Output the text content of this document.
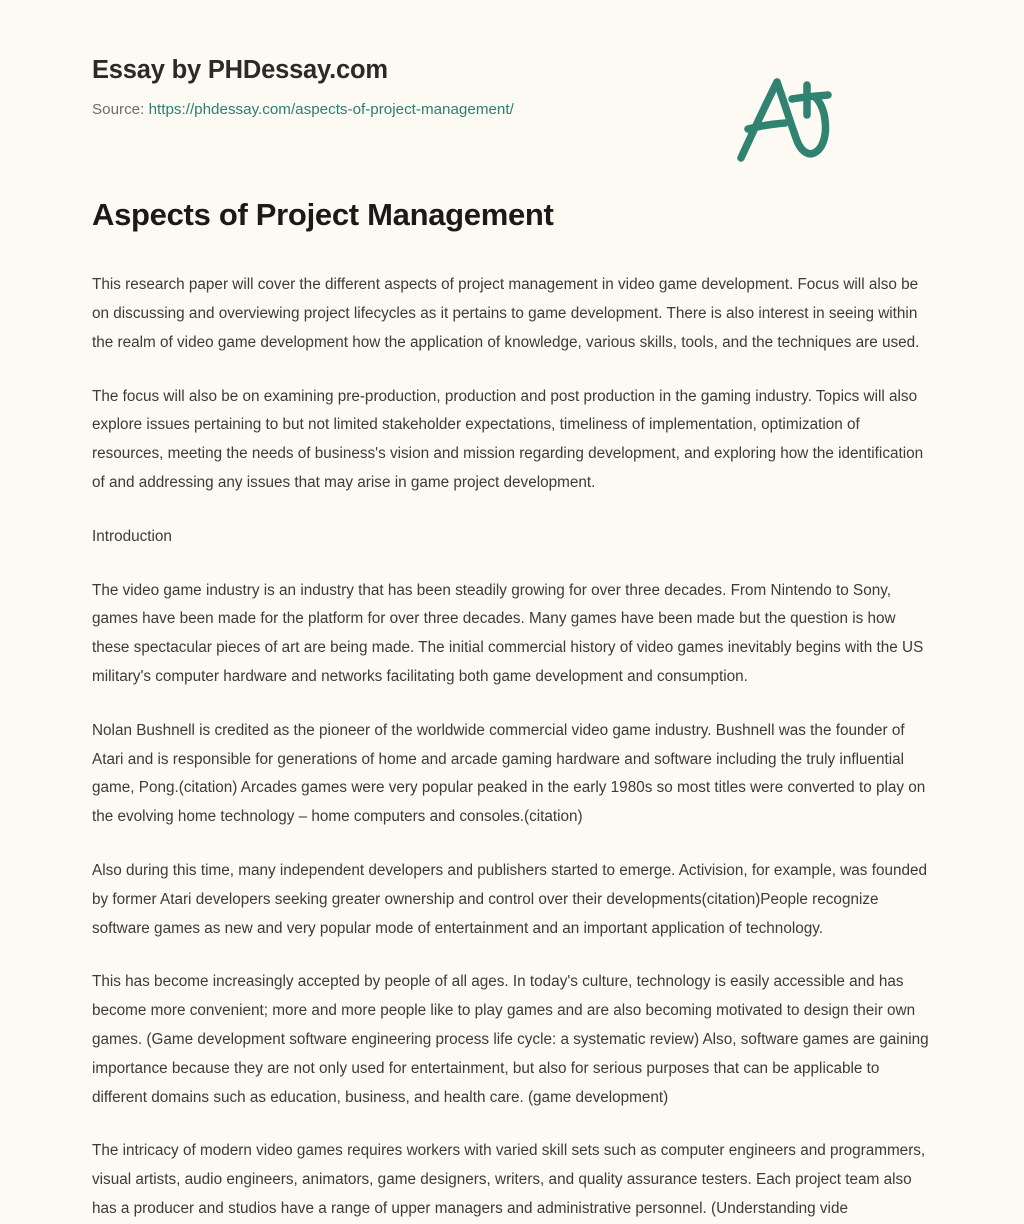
Essay by PHDessay.com
Source: https://phdessay.com/aspects-of-project-management/
Aspects of Project Management

This research paper will cover the different aspects of project management in video game development. Focus will also be on discussing and overviewing project lifecycles as it pertains to game development. There is also interest in seeing within the realm of video game development how the application of knowledge, various skills, tools, and the techniques are used.

The focus will also be on examining pre-production, production and post production in the gaming industry. Topics will also explore issues pertaining to but not limited stakeholder expectations, timeliness of implementation, optimization of resources, meeting the needs of business's vision and mission regarding development, and exploring how the identification of and addressing any issues that may arise in game project development.

Introduction

The video game industry is an industry that has been steadily growing for over three decades. From Nintendo to Sony, games have been made for the platform for over three decades. Many games have been made but the question is how these spectacular pieces of art are being made. The initial commercial history of video games inevitably begins with the US military's computer hardware and networks facilitating both game development and consumption.

Nolan Bushnell is credited as the pioneer of the worldwide commercial video game industry. Bushnell was the founder of Atari and is responsible for generations of home and arcade gaming hardware and software including the truly influential game, Pong.(citation) Arcades games were very popular peaked in the early 1980s so most titles were converted to play on the evolving home technology – home computers and consoles.(citation)

Also during this time, many independent developers and publishers started to emerge. Activision, for example, was founded by former Atari developers seeking greater ownership and control over their developments(citation)People recognize software games as new and very popular mode of entertainment and an important application of technology.

This has become increasingly accepted by people of all ages. In today's culture, technology is easily accessible and has become more convenient; more and more people like to play games and are also becoming motivated to design their own games. (Game development software engineering process life cycle: a systematic review) Also, software games are gaining importance because they are not only used for entertainment, but also for serious purposes that can be applicable to different domains such as education, business, and health care. (game development)

The intricacy of modern video games requires workers with varied skill sets such as computer engineers and programmers, visual artists, audio engineers, animators, game designers, writers, and quality assurance testers. Each project team also has a producer and studios have a range of upper managers and administrative personnel. (Understanding vide
